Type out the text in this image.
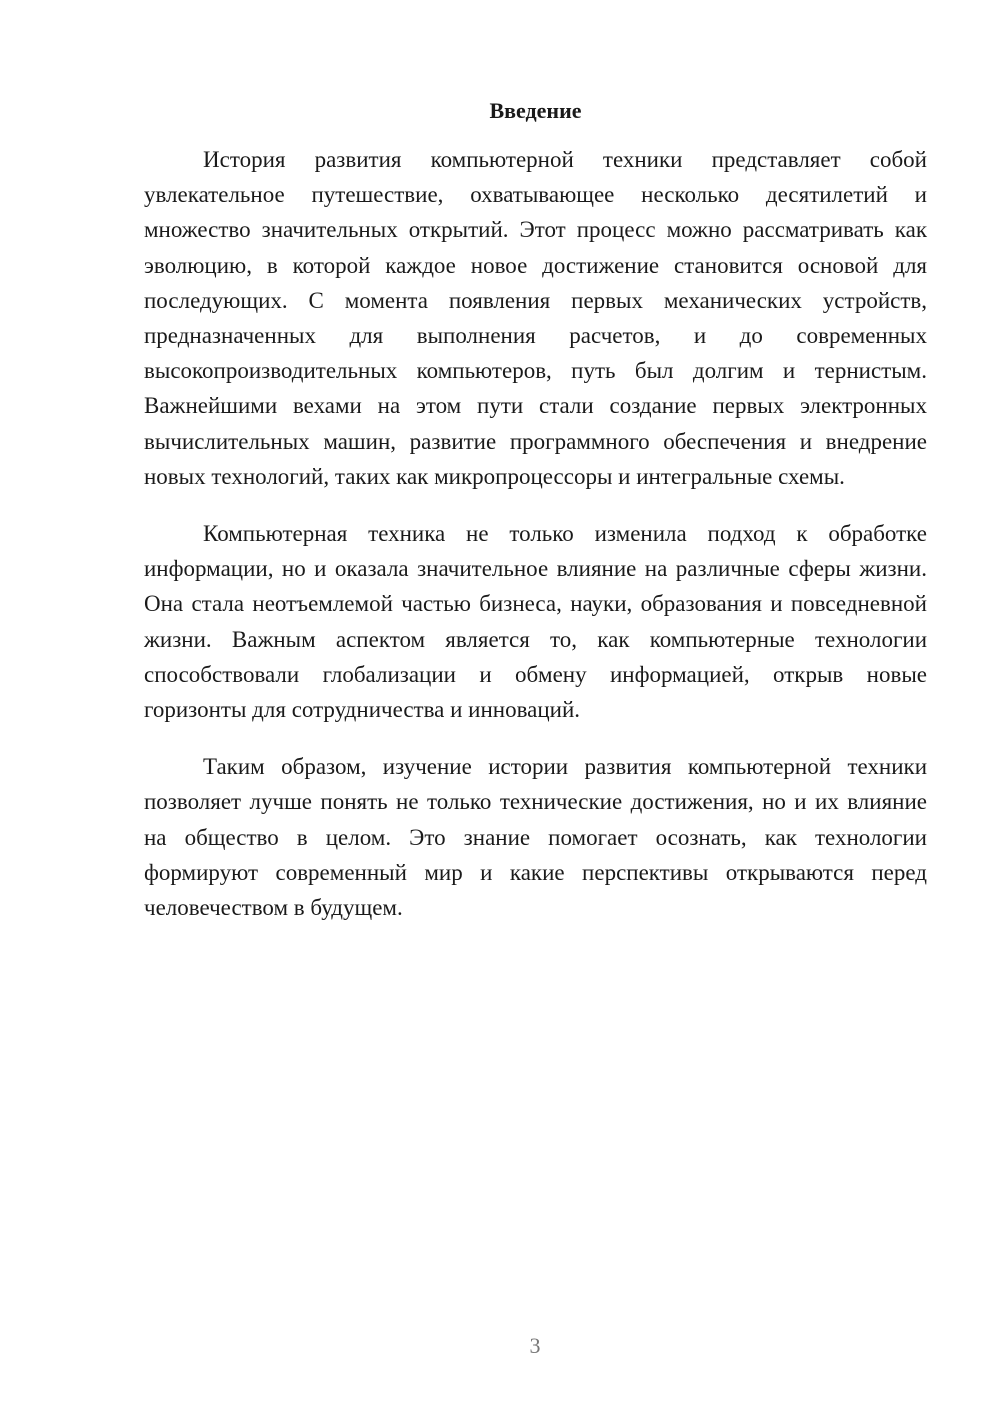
Введение

История развития компьютерной техники представляет собой увлекательное путешествие, охватывающее несколько десятилетий и множество значительных открытий. Этот процесс можно рассматривать как эволюцию, в которой каждое новое достижение становится основой для последующих. С момента появления первых механических устройств, предназначенных для выполнения расчетов, и до современных высокопроизводительных компьютеров, путь был долгим и тернистым. Важнейшими вехами на этом пути стали создание первых электронных вычислительных машин, развитие программного обеспечения и внедрение новых технологий, таких как микропроцессоры и интегральные схемы.

Компьютерная техника не только изменила подход к обработке информации, но и оказала значительное влияние на различные сферы жизни. Она стала неотъемлемой частью бизнеса, науки, образования и повседневной жизни. Важным аспектом является то, как компьютерные технологии способствовали глобализации и обмену информацией, открыв новые горизонты для сотрудничества и инноваций.

Таким образом, изучение истории развития компьютерной техники позволяет лучше понять не только технические достижения, но и их влияние на общество в целом. Это знание помогает осознать, как технологии формируют современный мир и какие перспективы открываются перед человечеством в будущем.

3
